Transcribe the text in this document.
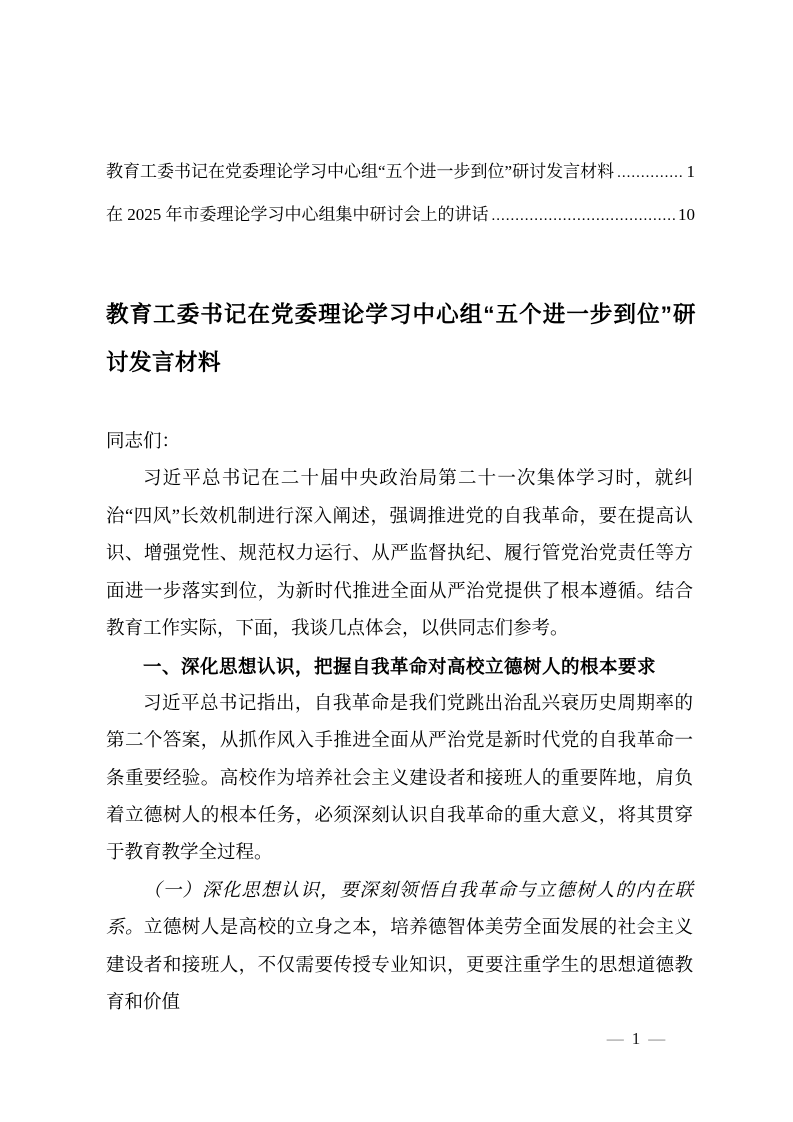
教育工委书记在党委理论学习中心组“五个进一步到位”研讨发言材料 .....	1
在 2025 年市委理论学习中心组集中研讨会上的讲话 .....	10
教育工委书记在党委理论学习中心组“五个进一步到位”研讨发言材料

同志们：

习近平总书记在二十届中央政治局第二十一次集体学习时，就纠治“四风”长效机制进行深入阐述，强调推进党的自我革命，要在提高认识、增强党性、规范权力运行、从严监督执纪、履行管党治党责任等方面进一步落实到位，为新时代推进全面从严治党提供了根本遵循。结合教育工作实际，下面，我谈几点体会，以供同志们参考。

一、深化思想认识，把握自我革命对高校立德树人的根本要求

习近平总书记指出，自我革命是我们党跳出治乱兴衰历史周期率的第二个答案，从抓作风入手推进全面从严治党是新时代党的自我革命一条重要经验。高校作为培养社会主义建设者和接班人的重要阵地，肩负着立德树人的根本任务，必须深刻认识自我革命的重大意义，将其贯穿于教育教学全过程。

（一）深化思想认识，要深刻领悟自我革命与立德树人的内在联系。立德树人是高校的立身之本，培养德智体美劳全面发展的社会主义建设者和接班人，不仅需要传授专业知识，更要注重学生的思想道德教育和价值

— 1 —
